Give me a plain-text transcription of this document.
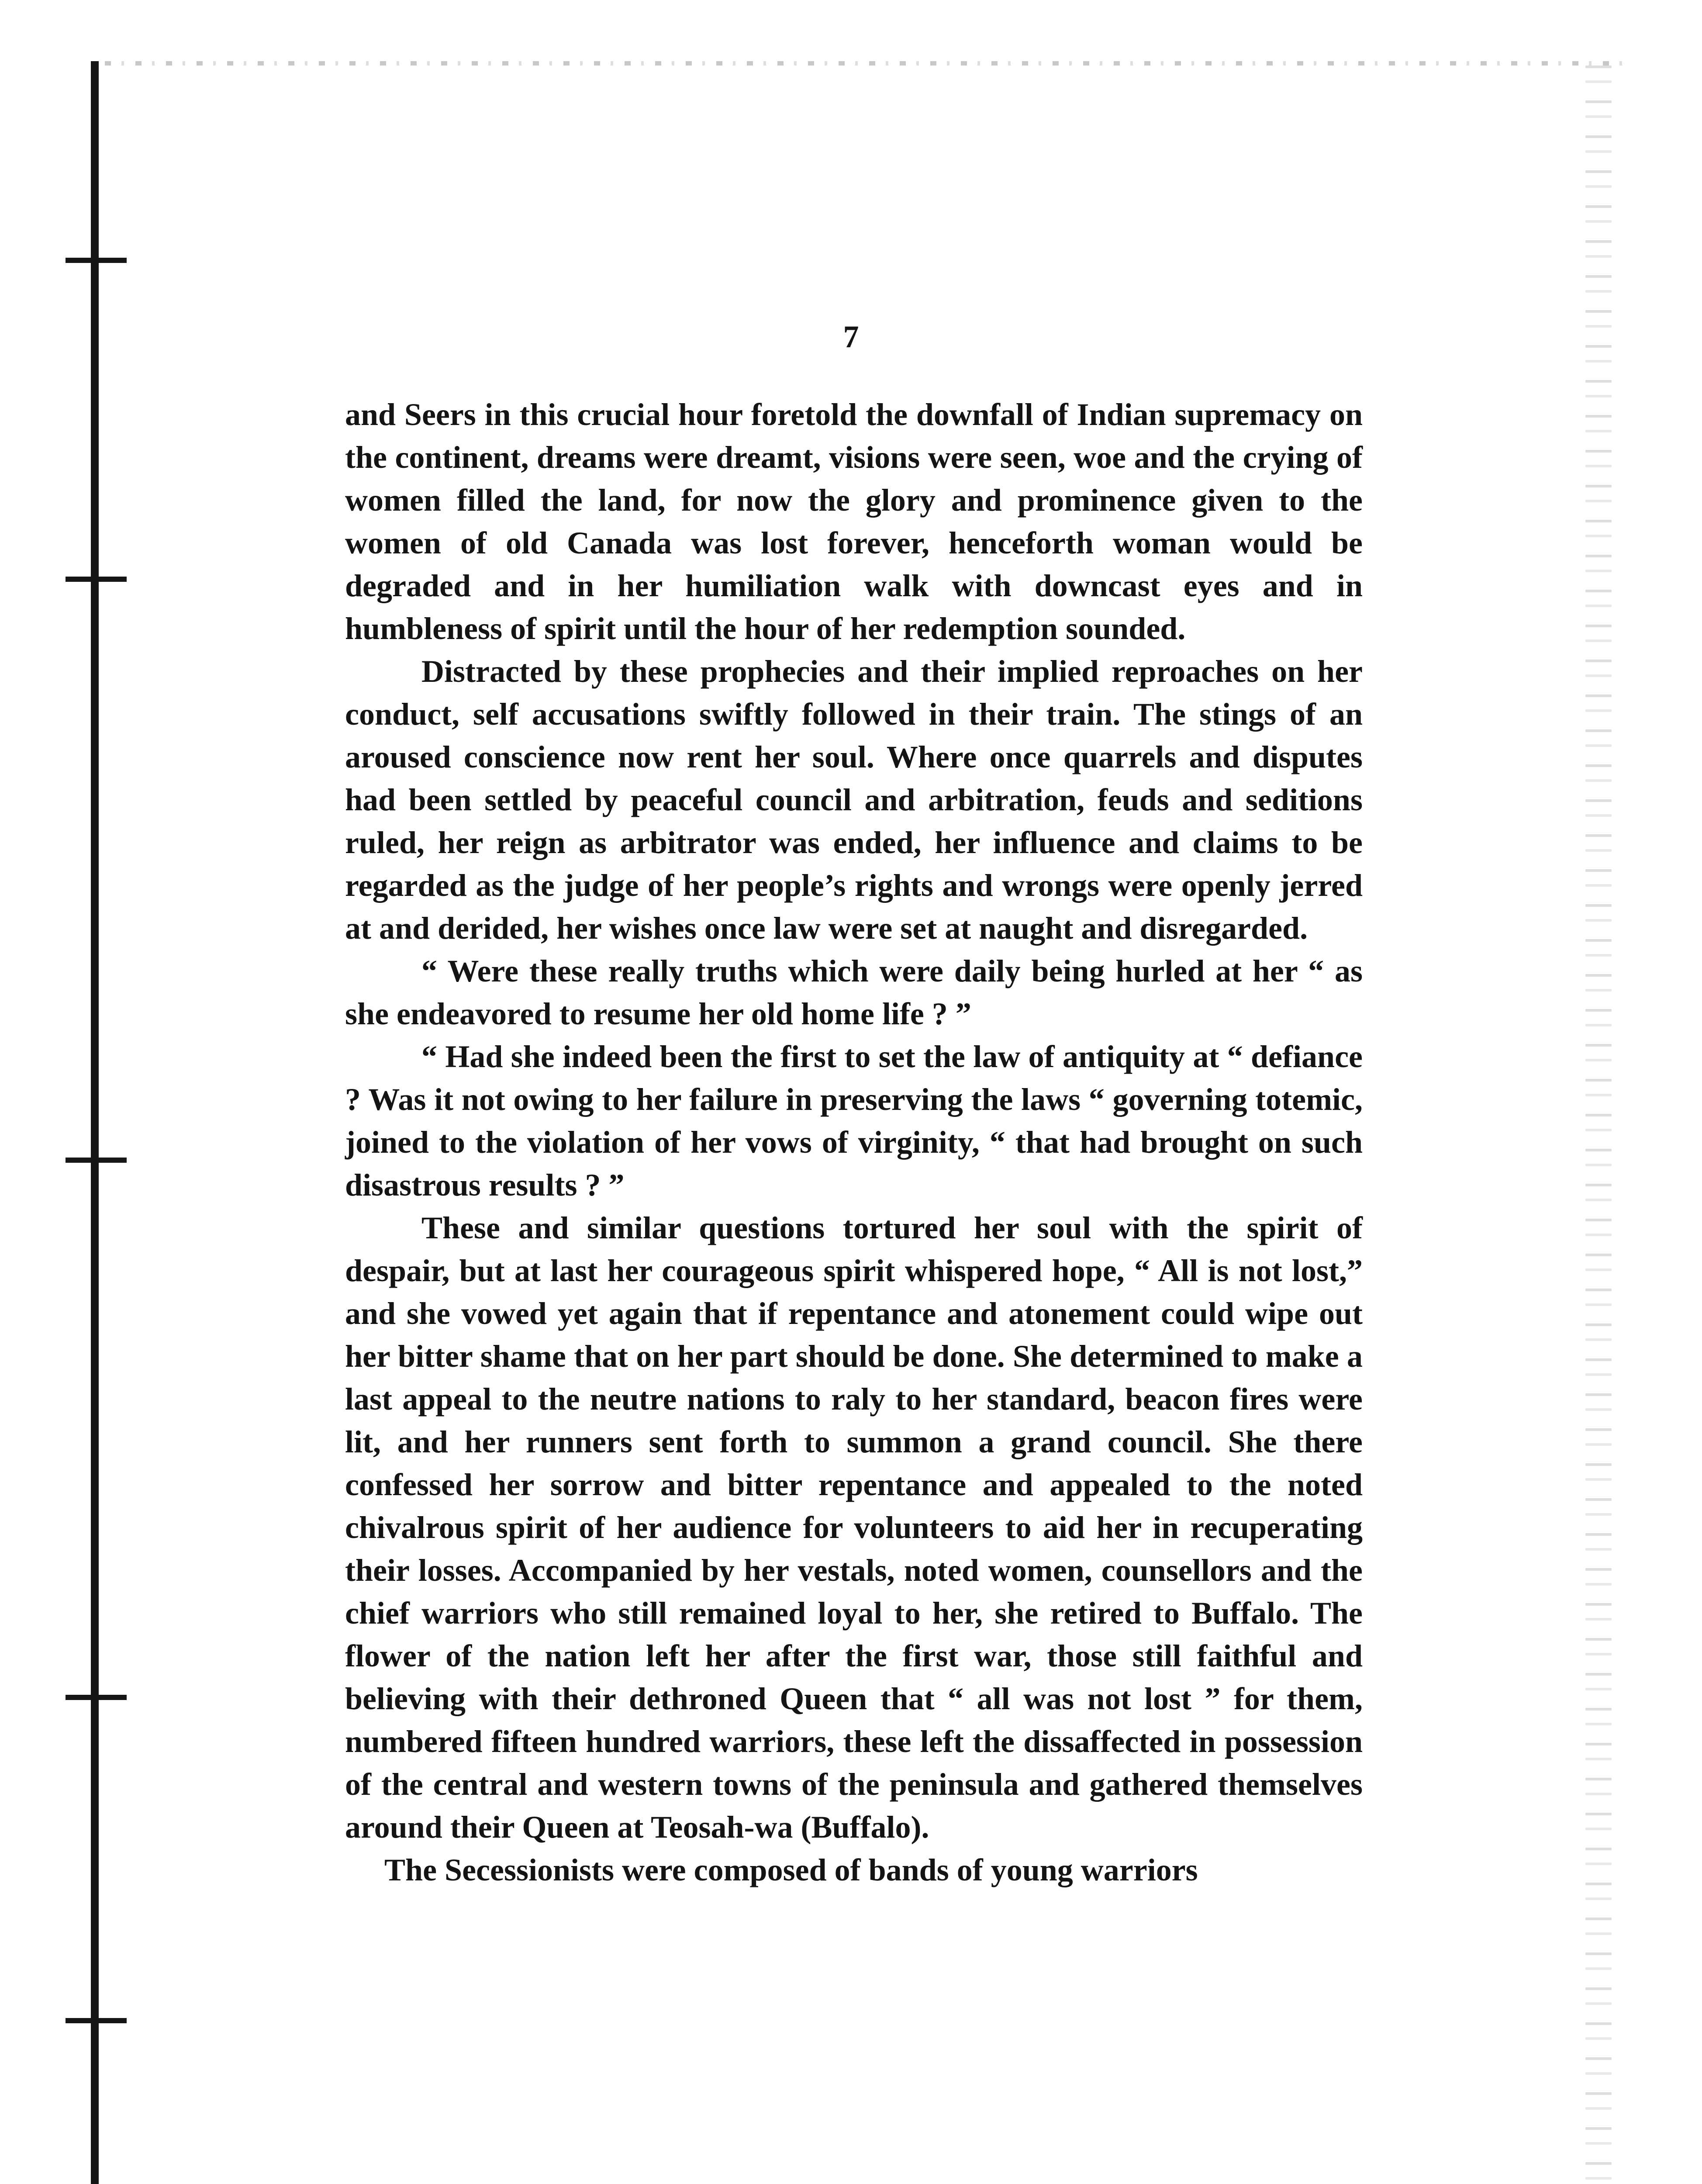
7

and Seers in this crucial hour foretold the downfall of Indian supremacy on the continent, dreams were dreamt, visions were seen, woe and the crying of women filled the land, for now the glory and prominence given to the women of old Canada was lost forever, henceforth woman would be degraded and in her humiliation walk with downcast eyes and in humbleness of spirit until the hour of her redemption sounded.

Distracted by these prophecies and their implied reproaches on her conduct, self accusations swiftly followed in their train. The stings of an aroused conscience now rent her soul. Where once quarrels and disputes had been settled by peaceful council and arbitration, feuds and seditions ruled, her reign as arbitrator was ended, her influence and claims to be regarded as the judge of her people’s rights and wrongs were openly jerred at and derided, her wishes once law were set at naught and disregarded.

“ Were these really truths which were daily being hurled at her “ as she endeavored to resume her old home life ? ”

“ Had she indeed been the first to set the law of antiquity at “ defiance ? Was it not owing to her failure in preserving the laws “ governing totemic, joined to the violation of her vows of virginity, “ that had brought on such disastrous results ? ”

These and similar questions tortured her soul with the spirit of despair, but at last her courageous spirit whispered hope, “ All is not lost,” and she vowed yet again that if repentance and atonement could wipe out her bitter shame that on her part should be done. She determined to make a last appeal to the neutre nations to raly to her standard, beacon fires were lit, and her runners sent forth to summon a grand council. She there confessed her sorrow and bitter repentance and appealed to the noted chivalrous spirit of her audience for volunteers to aid her in recuperating their losses. Accompanied by her vestals, noted women, counsellors and the chief warriors who still remained loyal to her, she retired to Buffalo. The flower of the nation left her after the first war, those still faithful and believing with their dethroned Queen that “ all was not lost ” for them, numbered fifteen hundred warriors, these left the dissaffected in possession of the central and western towns of the peninsula and gathered themselves around their Queen at Teosah-wa (Buffalo).

The Secessionists were composed of bands of young warriors
